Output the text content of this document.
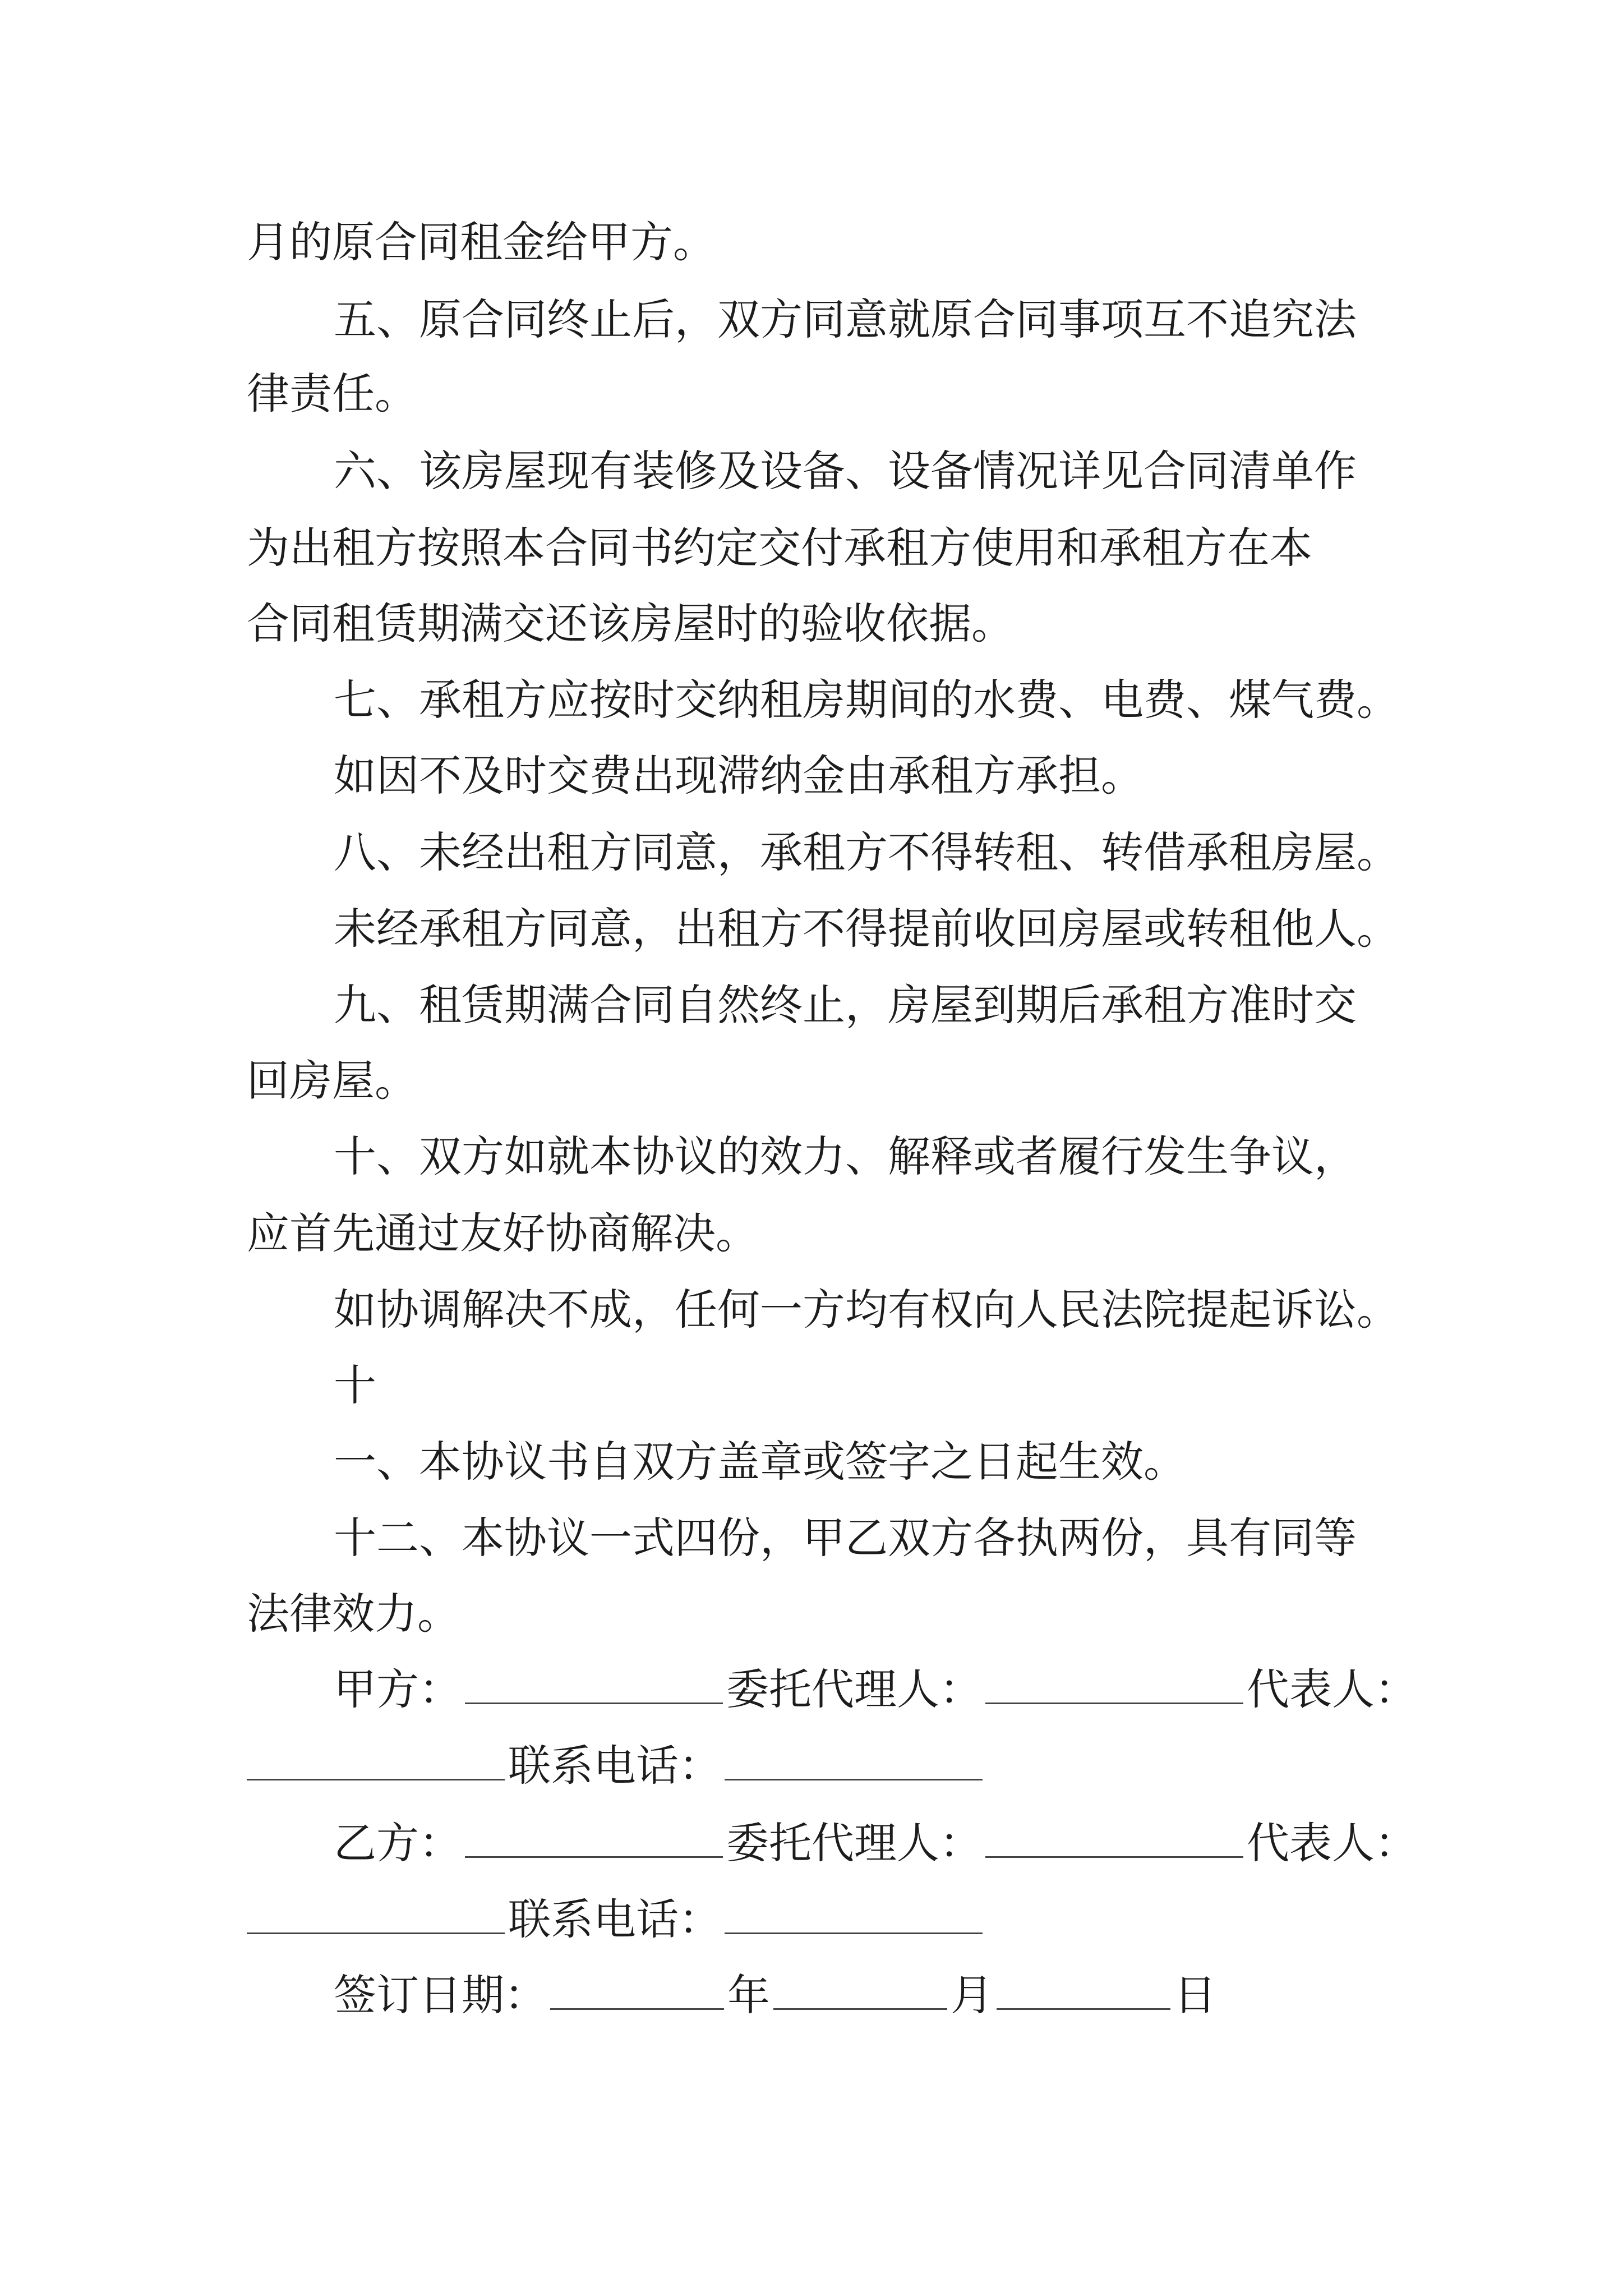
月的原合同租金给甲方。
五、原合同终止后，双方同意就原合同事项互不追究法
律责任。
六、该房屋现有装修及设备、设备情况详见合同清单作
为出租方按照本合同书约定交付承租方使用和承租方在本
合同租赁期满交还该房屋时的验收依据。
七、承租方应按时交纳租房期间的水费、电费、煤气费。
如因不及时交费出现滞纳金由承租方承担。
八、未经出租方同意，承租方不得转租、转借承租房屋。
未经承租方同意，出租方不得提前收回房屋或转租他人。
九、租赁期满合同自然终止，房屋到期后承租方准时交
回房屋。
十、双方如就本协议的效力、解释或者履行发生争议，
应首先通过友好协商解决。
如协调解决不成，任何一方均有权向人民法院提起诉讼。
十
一、本协议书自双方盖章或签字之日起生效。
十二、本协议一式四份，甲乙双方各执两份，具有同等
法律效力。
甲方：	委托代理人：	代表人：
联系电话：
乙方：	委托代理人：	代表人：
联系电话：
签订日期：	年	月	日
